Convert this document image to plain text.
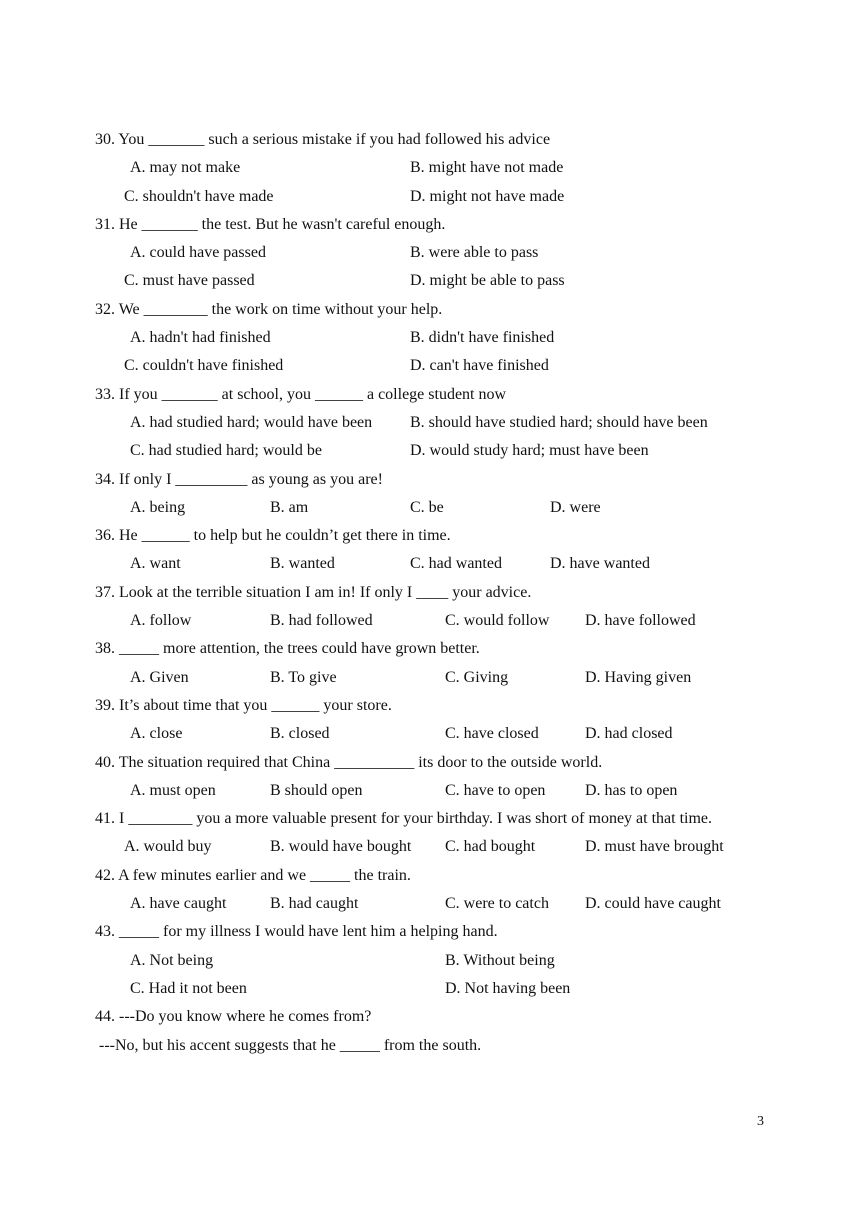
30. You _______ such a serious mistake if you had followed his advice
A. may not make	B. might have not made
C. shouldn't have made	D. might not have made
31. He _______ the test. But he wasn't careful enough.
A. could have passed	B. were able to pass
C. must have passed	D. might be able to pass
32. We ________ the work on time without your help.
A. hadn't had finished	B. didn't have finished
C. couldn't have finished	D. can't have finished
33. If you _______ at school, you ______ a college student now
A. had studied hard; would have been B. should have studied hard; should have been
C. had studied hard; would be	D. would study hard; must have been
34. If only I _________ as young as you are!
A. being	B. am	C. be	D. were
36. He ______ to help but he couldn’t get there in time.
A. want	B. wanted	C. had wanted	D. have wanted
37. Look at the terrible situation I am in! If only I ____ your advice.
A. follow	B. had followed	C. would follow D. have followed
38. _____ more attention, the trees could have grown better.
A. Given	B. To give	C. Giving	D. Having given
39. It’s about time that you ______ your store.
A. close	B. closed	C. have closed	D. had closed
40. The situation required that China __________ its door to the outside world.
A. must open	B should open	C. have to open D. has to open
41. I ________ you a more valuable present for your birthday. I was short of money at that time.
A. would buy	B. would have bought C. had bought	D. must have brought
42. A few minutes earlier and we _____ the train.
A. have caught	B. had caught	C. were to catch D. could have caught
43. _____ for my illness I would have lent him a helping hand.
A. Not being	B. Without being
C. Had it not been	D. Not having been
44. ---Do you know where he comes from?
---No, but his accent suggests that he _____ from the south.
3
